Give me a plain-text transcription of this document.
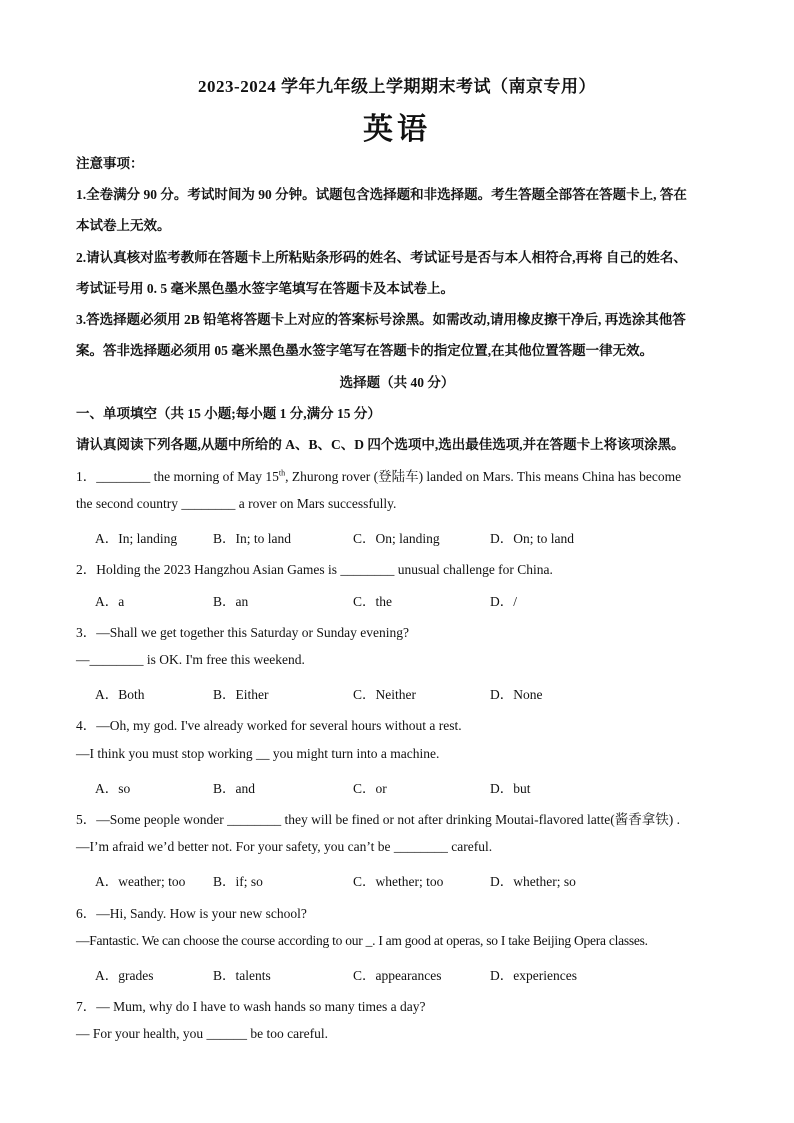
2023-2024 学年九年级上学期期末考试（南京专用）
英语
注意事项：
1.全卷满分 90 分。考试时间为 90 分钟。试题包含选择题和非选择题。考生答题全部答在答题卡上, 答在
本试卷上无效。
2.请认真核对监考教师在答题卡上所粘贴条形码的姓名、考试证号是否与本人相符合,再将 自己的姓名、
考试证号用 0. 5 毫米黑色墨水签字笔填写在答题卡及本试卷上。
3.答选择题必须用 2B 铅笔将答题卡上对应的答案标号涂黑。如需改动,请用橡皮擦干净后, 再选涂其他答
案。答非选择题必须用 05 毫米黑色墨水签字笔写在答题卡的指定位置,在其他位置答题一律无效。
选择题（共 40 分）
一、单项填空（共 15 小题;每小题 1 分,满分 15 分）
请认真阅读下列各题,从题中所给的 A、B、C、D 四个选项中,选出最佳选项,并在答题卡上将该项涂黑。
1．________ the morning of May 15th, Zhurong rover (登陆车) landed on Mars. This means China has become
the second country ________ a rover on Mars successfully.
A．In; landing	B．In; to land	C．On; landing	D．On; to land
2．Holding the 2023 Hangzhou Asian Games is ________ unusual challenge for China.
A．a	B．an	C．the	D．/
3．—Shall we get together this Saturday or Sunday evening?
—________ is OK. I'm free this weekend.
A．Both	B．Either	C．Neither	D．None
4．—Oh, my god. I've already worked for several hours without a rest.
—I think you must stop working __ you might turn into a machine.
A．so	B．and	C．or	D．but
5．—Some people wonder ________ they will be fined or not after drinking Moutai-flavored latte(酱香拿铁) .
—I’m afraid we’d better not. For your safety, you can’t be ________ careful.
A．weather; too B．if; so	C．whether; too	D．whether; so
6．—Hi, Sandy. How is your new school?
—Fantastic. We can choose the course according to our _. I am good at operas, so I take Beijing Opera classes.
A．grades	B．talents	C．appearances	D．experiences
7．— Mum, why do I have to wash hands so many times a day?
— For your health, you ______ be too careful.
